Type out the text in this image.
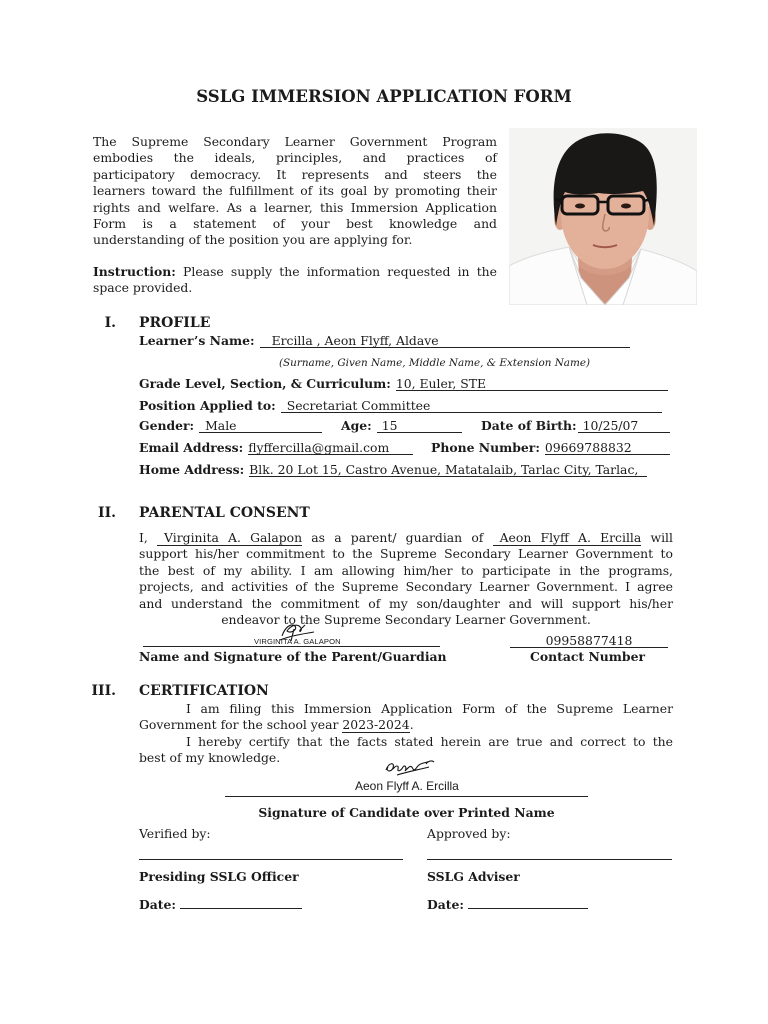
SSLG IMMERSION APPLICATION FORM
The Supreme Secondary Learner Government Program
embodies the ideals, principles, and practices of
participatory democracy. It represents and steers the
learners toward the fulfillment of its goal by promoting their
rights and welfare. As a learner, this Immersion Application
Form is a statement of your best knowledge and
understanding of the position you are applying for.
Instruction: Please supply the information requested in the
space provided.
I. PROFILE
Learner’s Name:	Ercilla , Aeon Flyff, Aldave
(Surname, Given Name, Middle Name, & Extension Name)
Grade Level, Section, & Curriculum: 10, Euler, STE
Position Applied to: Secretariat Committee
Gender: Male	Age: 15	Date of Birth: 10/25/07
Email Address: flyffercilla@gmail.com	Phone Number: 09669788832
Home Address: Blk. 20 Lot 15, Castro Avenue, Matatalaib, Tarlac City, Tarlac,
II. PARENTAL CONSENT
I, Virginita A. Galapon as a parent/ guardian of Aeon Flyff A. Ercilla will
support his/her commitment to the Supreme Secondary Learner Government to
the best of my ability. I am allowing him/her to participate in the programs,
projects, and activities of the Supreme Secondary Learner Government. I agree
and understand the commitment of my son/daughter and will support his/her
endeavor to the Supreme Secondary Learner Government.
VIRGINITA A. GALAPON	09958877418
Name and Signature of the Parent/Guardian	Contact Number
III. CERTIFICATION
I am filing this Immersion Application Form of the Supreme Learner
Government for the school year 2023-2024.
I hereby certify that the facts stated herein are true and correct to the
best of my knowledge.
Aeon Flyff A. Ercilla
Signature of Candidate over Printed Name
Verified by:	Approved by:
Presiding SSLG Officer	SSLG Adviser
Date:	Date:
